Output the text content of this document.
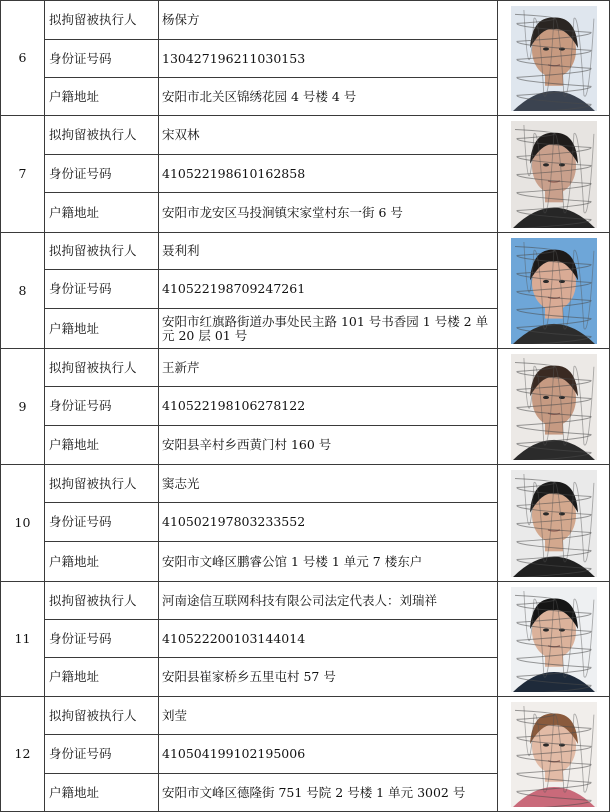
6	拟拘留被执行人	杨保方	

	身份证号码	130427196211030153	
	户籍地址	安阳市北关区锦绣花园 4 号楼 4 号	
7	拟拘留被执行人	宋双林	

	身份证号码	410522198610162858	
	户籍地址	安阳市龙安区马投涧镇宋家堂村东一街 6 号	
8	拟拘留被执行人	聂利利	

	身份证号码	410522198709247261	
	户籍地址	安阳市红旗路街道办事处民主路 101 号书香园 1 号楼 2 单元 20 层 01 号	
9	拟拘留被执行人	王新芹	

	身份证号码	410522198106278122	
	户籍地址	安阳县辛村乡西黄门村 160 号	
10	拟拘留被执行人	窦志光	

	身份证号码	410502197803233552	
	户籍地址	安阳市文峰区鹏睿公馆 1 号楼 1 单元 7 楼东户	
11	拟拘留被执行人	河南途信互联网科技有限公司法定代表人：刘瑞祥	

	身份证号码	410522200103144014	
	户籍地址	安阳县崔家桥乡五里屯村 57 号	
12	拟拘留被执行人	刘莹	

	身份证号码	410504199102195006	
	户籍地址	安阳市文峰区德隆街 751 号院 2 号楼 1 单元 3002 号	
